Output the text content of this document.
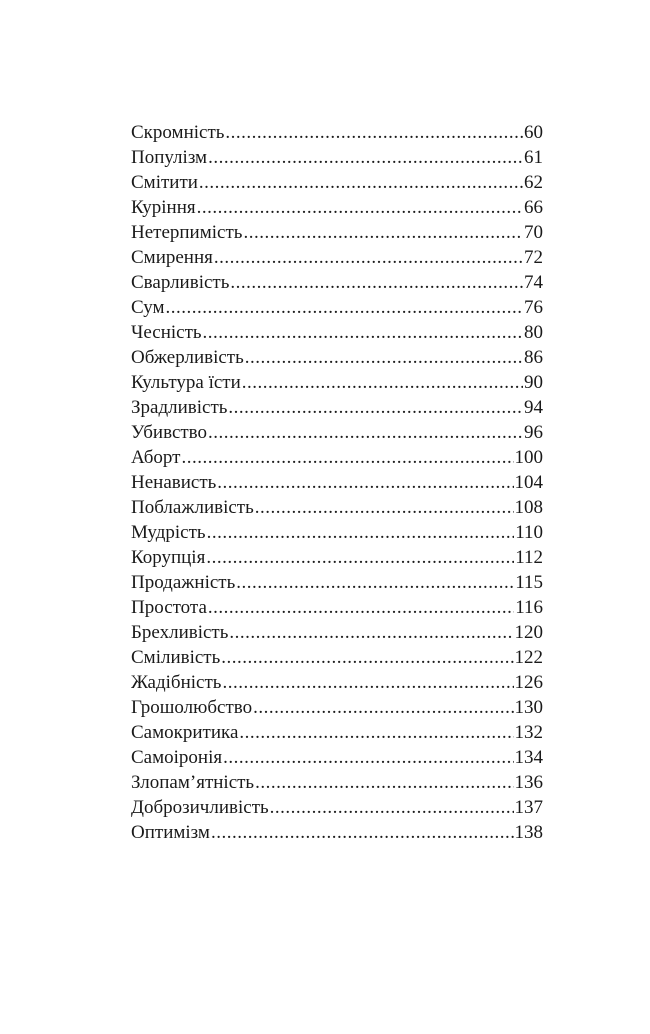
Скромність .....	60
Популізм .....	61
Смітити .....	62
Куріння .....	66
Нетерпимість .....	70
Смирення .....	72
Сварливість .....	74
Сум .....	76
Чесність .....	80
Обжерливість .....	86
Культура їсти .....	90
Зрадливість .....	94
Убивство .....	96
Аборт .....	100
Ненависть .....	104
Поблажливість .....	108
Мудрість .....	110
Корупція .....	112
Продажність .....	115
Простота .....	116
Брехливість .....	120
Сміливість .....	122
Жадібність .....	126
Грошолюбство .....	130
Самокритика .....	132
Самоіронія .....	134
Злопам’ятність .....	136
Доброзичливість .....	137
Оптимізм .....	138
